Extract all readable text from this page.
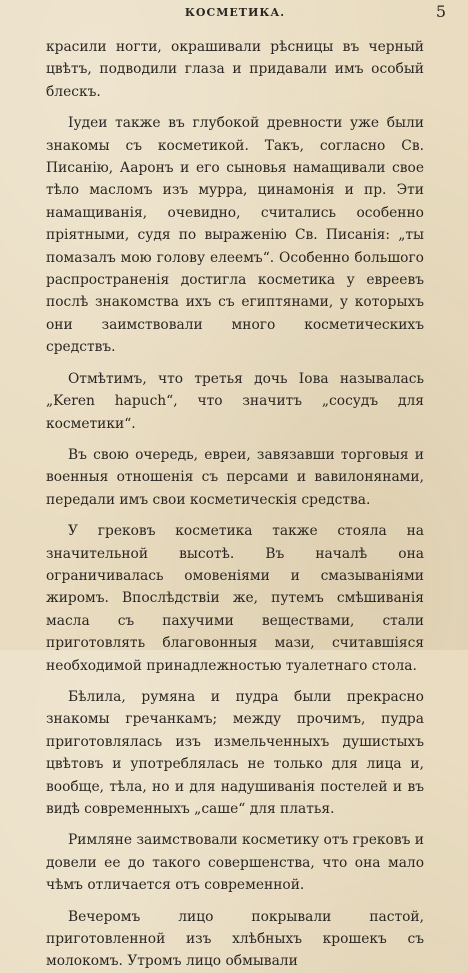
КОСМЕТИКА.	5

красили ногти, окрашивали рѣсницы въ черный цвѣтъ, подводили глаза и придавали имъ особый блескъ.

Іудеи также въ глубокой древности уже были знакомы съ косметикой. Такъ, согласно Св. Писанію, Ааронъ и его сыновья намащивали свое тѣло масломъ изъ мурра, цинамонія и пр. Эти намащиванія, очевидно, считались особенно пріятными, судя по выраженію Св. Писанія: „ты помазалъ мою голову елеемъ“. Особенно большого распространенія достигла косметика у евреевъ послѣ знакомства ихъ съ египтянами, у которыхъ они заимствовали много косметическихъ средствъ.

Отмѣтимъ, что третья дочь Іова называлась „Keren hapuch“, что значитъ „сосудъ для косметики“.

Въ свою очередь, евреи, завязавши торговыя и военныя отношенія съ персами и вавилонянами, передали имъ свои косметическія средства.

У грековъ косметика также стояла на значительной высотѣ. Въ началѣ она ограничивалась омовеніями и смазываніями жиромъ. Впослѣдствіи же, путемъ смѣшиванія масла съ пахучими веществами, стали приготовлять благовонныя мази, считавшіяся необходимой принадлежностью туалетнаго стола.

Бѣлила, румяна и пудра были прекрасно знакомы гречанкамъ; между прочимъ, пудра приготовлялась изъ измельченныхъ душистыхъ цвѣтовъ и употреблялась не только для лица и, вообще, тѣла, но и для надушиванія постелей и въ видѣ современныхъ „саше“ для платья.

Римляне заимствовали косметику отъ грековъ и довели ее до такого совершенства, что она мало чѣмъ отличается отъ современной.

Вечеромъ лицо покрывали пастой, приготовленной изъ хлѣбныхъ крошекъ съ молокомъ. Утромъ лицо обмывали
